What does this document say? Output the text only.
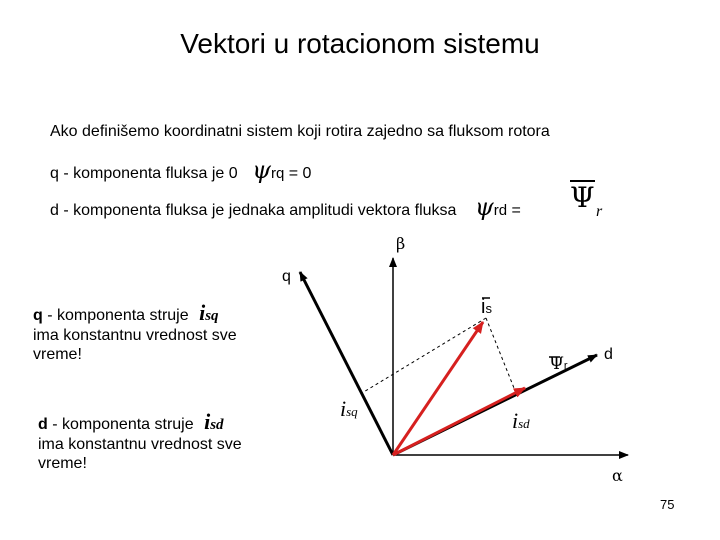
Vektori u rotacionom sistemu
Ako definišemo koordinatni sistem koji rotira zajedno sa fluksom rotora
q - komponenta fluksa je 0 ψrq = 0
d - komponenta fluksa je jednaka amplitudi vektora fluksa ψrd = Ψ r
q - komponenta struje isq
ima konstantnu vrednost sve vreme!
d - komponenta struje isd
ima konstantnu vrednost sve vreme!
β
α
q
d
is
Ψr
isq	isd
75
